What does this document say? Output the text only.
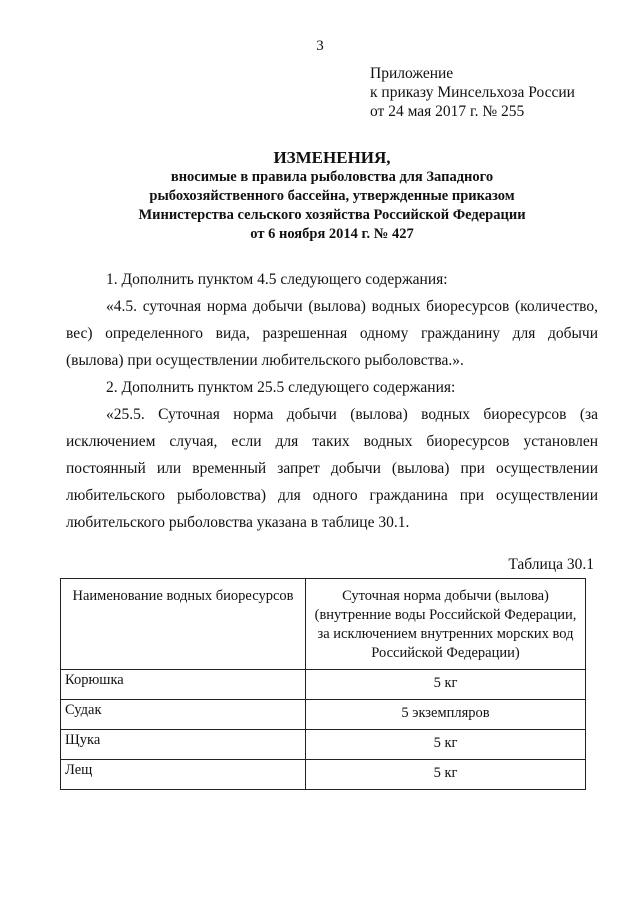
3
Приложение
к приказу Минсельхоза России
от 24 мая 2017 г. № 255
ИЗМЕНЕНИЯ,
вносимые в правила рыболовства для Западного
рыбохозяйственного бассейна, утвержденные приказом
Министерства сельского хозяйства Российской Федерации
от 6 ноября 2014 г. № 427

1. Дополнить пунктом 4.5 следующего содержания:

«4.5. суточная норма добычи (вылова) водных биоресурсов (количество, вес) определенного вида, разрешенная одному гражданину для добычи (вылова) при осуществлении любительского рыболовства.».

2. Дополнить пунктом 25.5 следующего содержания:

«25.5. Суточная норма добычи (вылова) водных биоресурсов (за исключением случая, если для таких водных биоресурсов установлен постоянный или временный запрет добычи (вылова) при осуществлении любительского рыболовства) для одного гражданина при осуществлении любительского рыболовства указана в таблице 30.1.

Таблица 30.1
Наименование водных биоресурсов	Суточная норма добычи (вылова) (внутренние воды Российской Федерации, за исключением внутренних морских вод Российской Федерации)
Корюшка	5 кг
Судак	5 экземпляров
Щука	5 кг
Лещ	5 кг
